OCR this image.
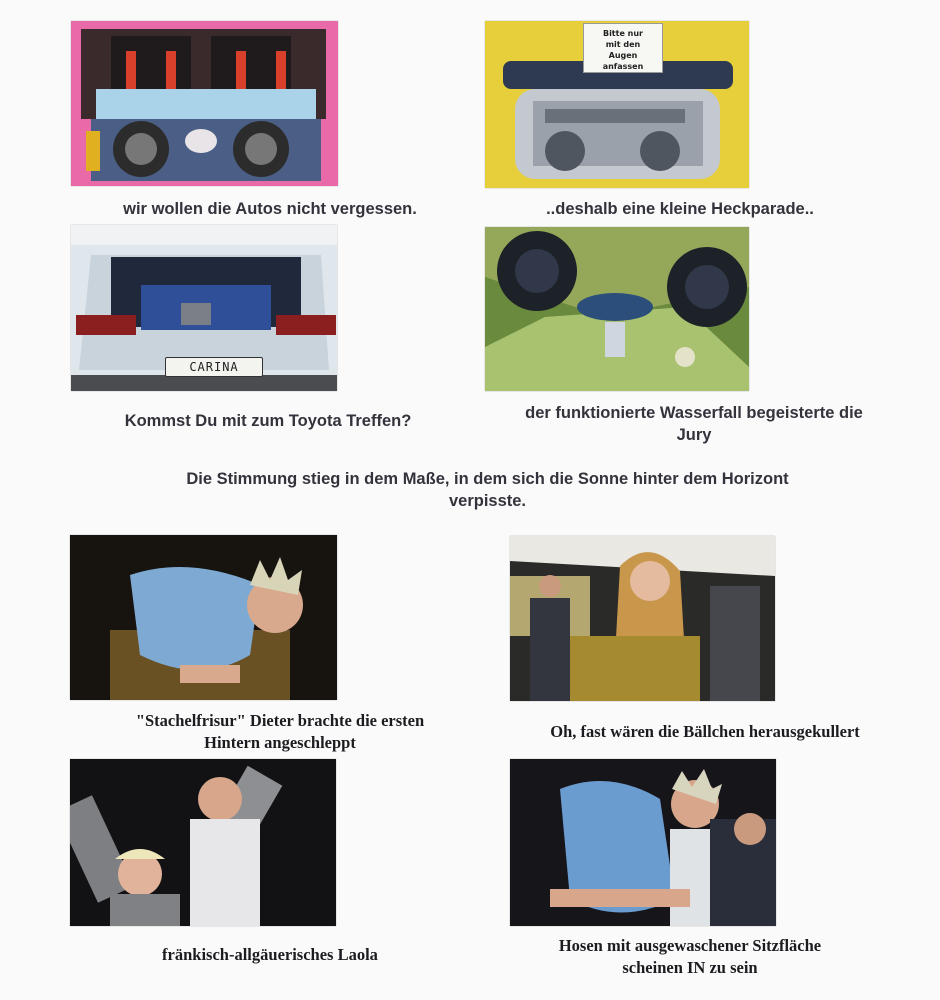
wir wollen die Autos nicht vergessen.

Bitte nur
mit den
Augen
anfassen

..deshalb eine kleine Heckparade..

CARINA

Kommst Du mit zum Toyota Treffen?	der funktionierte Wasserfall begeisterte die
Jury

Die Stimmung stieg in dem Maße, in dem sich die Sonne hinter dem Horizont
verpisste.

"Stachelfrisur" Dieter brachte die ersten
Hintern angeschleppt

Oh, fast wären die Bällchen herausgekullert

fränkisch-allgäuerisches Laola	Hosen mit ausgewaschener Sitzfläche
scheinen IN zu sein
